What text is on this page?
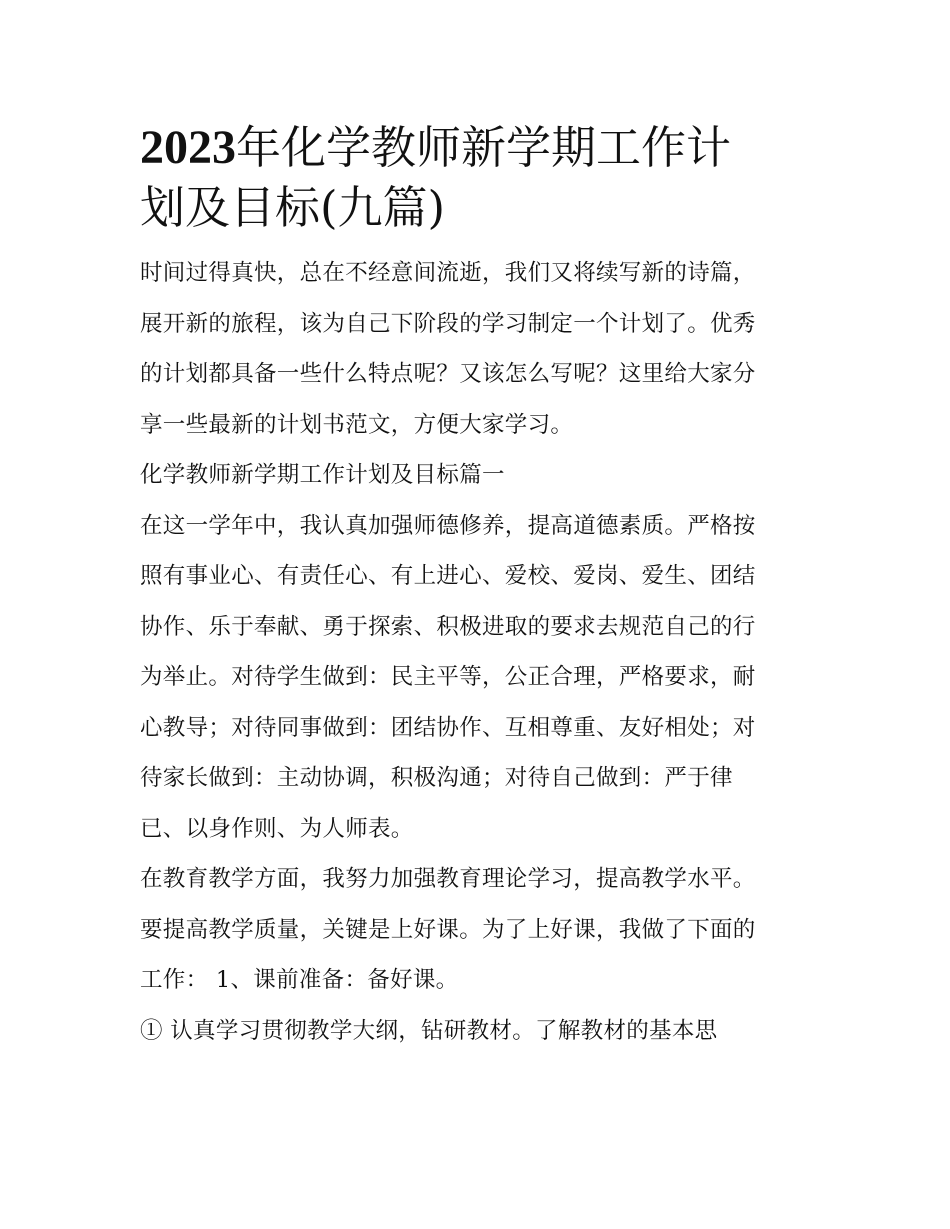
2023年化学教师新学期工作计
划及目标(九篇)

时间过得真快，总在不经意间流逝，我们又将续写新的诗篇，
展开新的旅程，该为自己下阶段的学习制定一个计划了。优秀
的计划都具备一些什么特点呢？又该怎么写呢？这里给大家分
享一些最新的计划书范文，方便大家学习。

化学教师新学期工作计划及目标篇一

在这一学年中，我认真加强师德修养，提高道德素质。严格按
照有事业心、有责任心、有上进心、爱校、爱岗、爱生、团结
协作、乐于奉献、勇于探索、积极进取的要求去规范自己的行
为举止。对待学生做到：民主平等，公正合理，严格要求，耐
心教导；对待同事做到：团结协作、互相尊重、友好相处；对
待家长做到：主动协调，积极沟通；对待自己做到：严于律
已、以身作则、为人师表。

在教育教学方面，我努力加强教育理论学习，提高教学水平。
要提高教学质量，关键是上好课。为了上好课，我做了下面的
工作： 1、课前准备：备好课。

① 认真学习贯彻教学大纲，钻研教材。了解教材的基本思
